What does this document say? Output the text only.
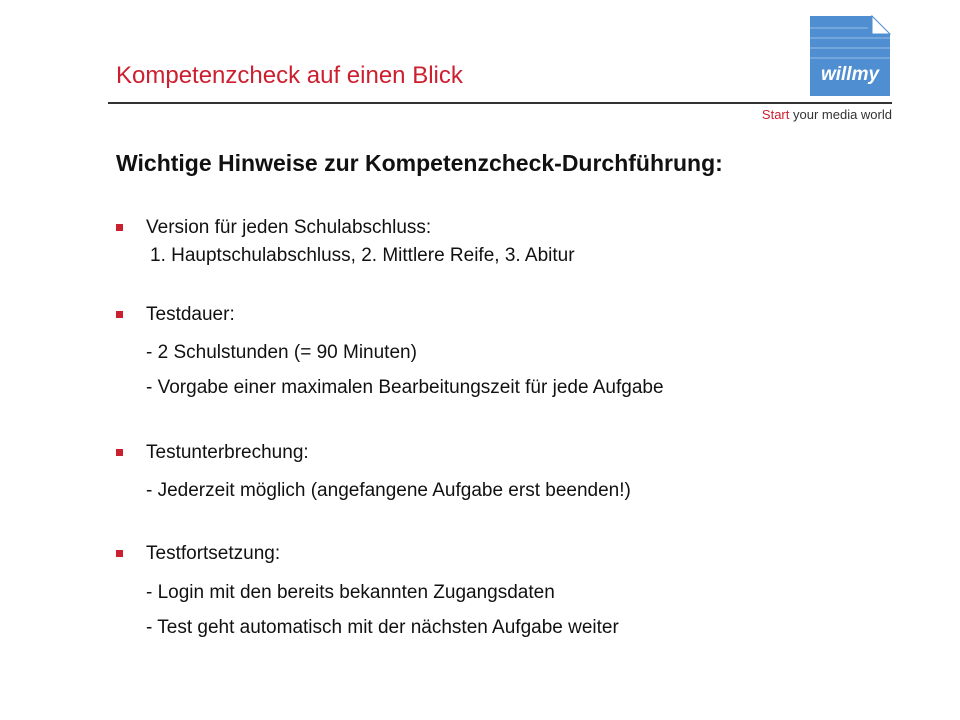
Kompetenzcheck auf einen Blick	willmy
Start your media world
Wichtige Hinweise zur Kompetenzcheck-Durchführung:
Version für jeden Schulabschluss:
1. Hauptschulabschluss, 2. Mittlere Reife, 3. Abitur
Testdauer:
- 2 Schulstunden (= 90 Minuten)
- Vorgabe einer maximalen Bearbeitungszeit für jede Aufgabe
Testunterbrechung:
- Jederzeit möglich (angefangene Aufgabe erst beenden!)
Testfortsetzung:
- Login mit den bereits bekannten Zugangsdaten
- Test geht automatisch mit der nächsten Aufgabe weiter
